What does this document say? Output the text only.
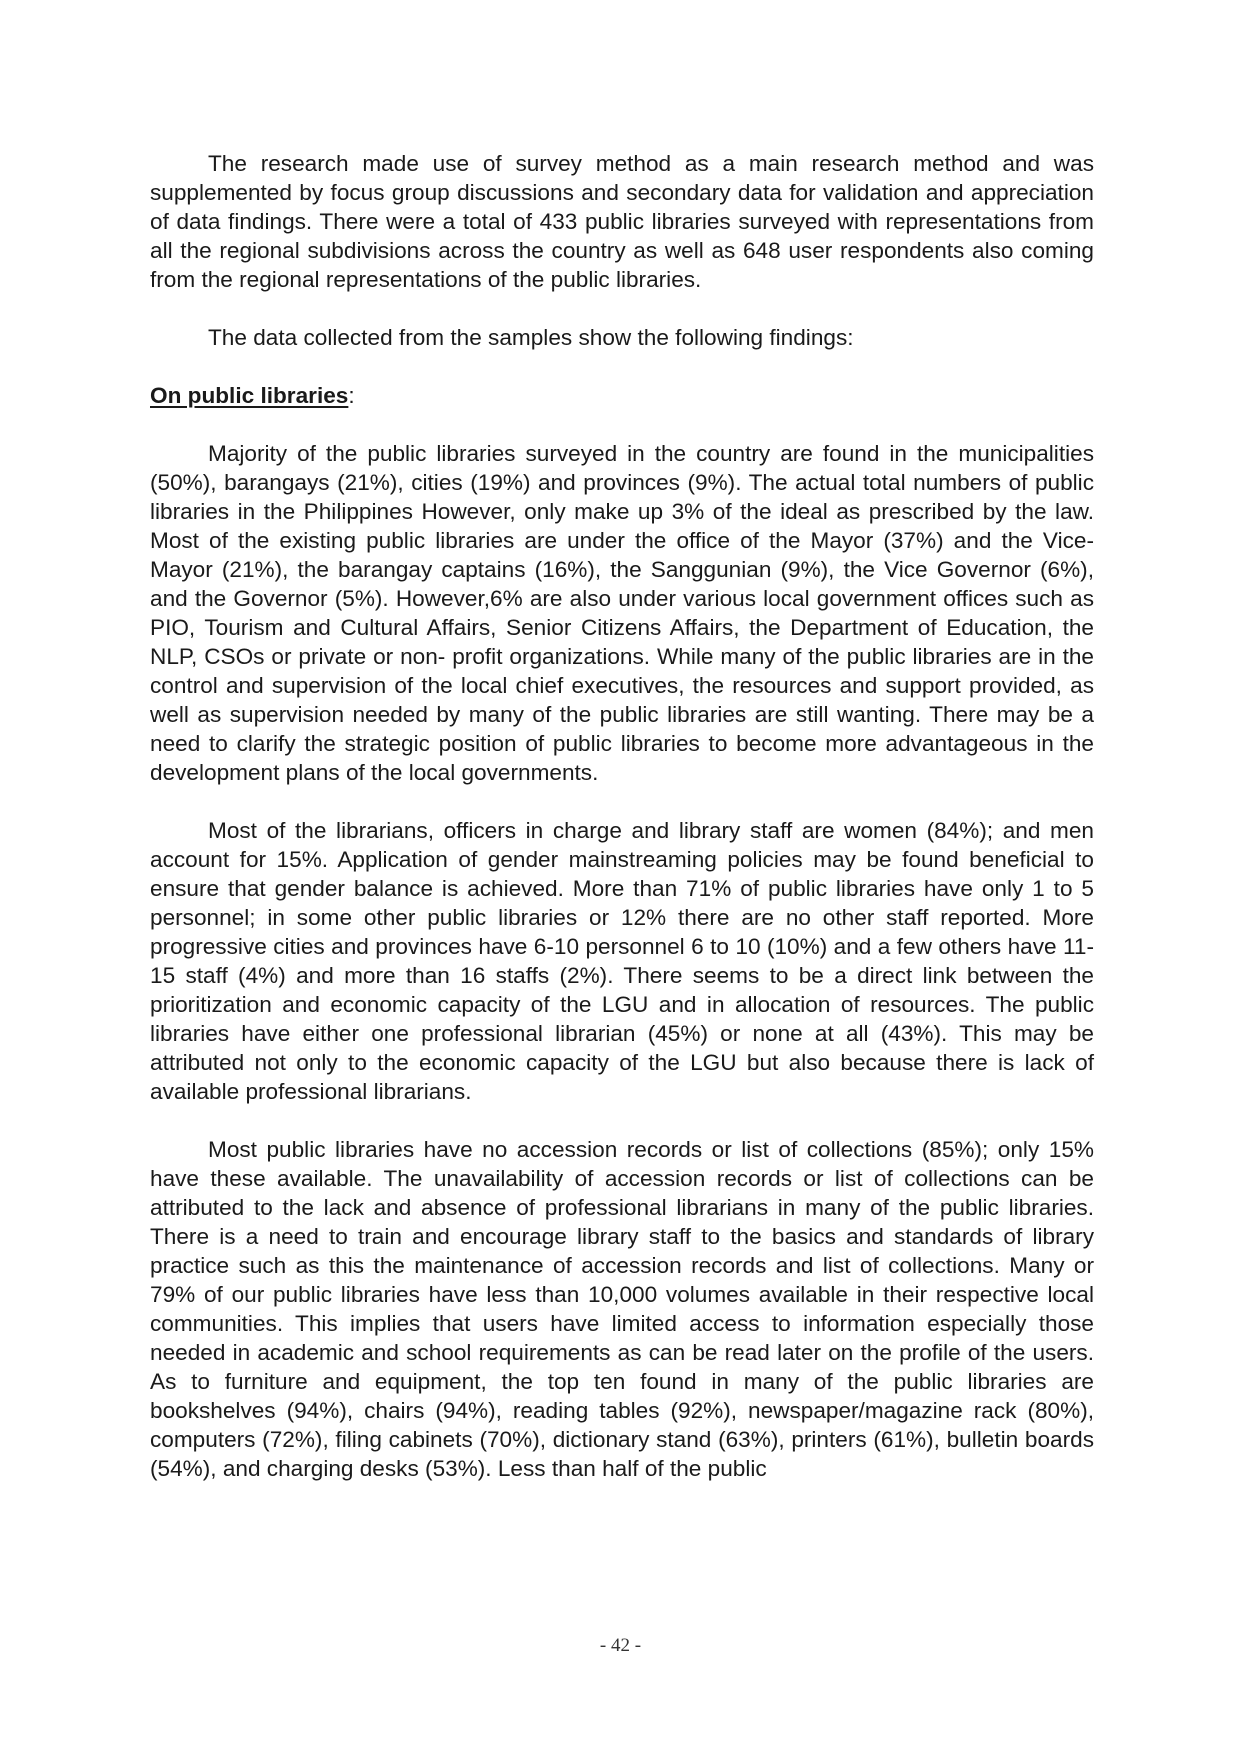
The research made use of survey method as a main research method and was supplemented by focus group discussions and secondary data for validation and appreciation of data findings. There were a total of 433 public libraries surveyed with representations from all the regional subdivisions across the country as well as 648 user respondents also coming from the regional representations of the public libraries.

The data collected from the samples show the following findings:

On public libraries:

Majority of the public libraries surveyed in the country are found in the municipalities (50%), barangays (21%), cities (19%) and provinces (9%). The actual total numbers of public libraries in the Philippines However, only make up 3% of the ideal as prescribed by the law. Most of the existing public libraries are under the office of the Mayor (37%) and the Vice-Mayor (21%), the barangay captains (16%), the Sanggunian (9%), the Vice Governor (6%), and the Governor (5%). However,6% are also under various local government offices such as PIO, Tourism and Cultural Affairs, Senior Citizens Affairs, the Department of Education, the NLP, CSOs or private or non- profit organizations. While many of the public libraries are in the control and supervision of the local chief executives, the resources and support provided, as well as supervision needed by many of the public libraries are still wanting. There may be a need to clarify the strategic position of public libraries to become more advantageous in the development plans of the local governments.

Most of the librarians, officers in charge and library staff are women (84%); and men account for 15%. Application of gender mainstreaming policies may be found beneficial to ensure that gender balance is achieved. More than 71% of public libraries have only 1 to 5 personnel; in some other public libraries or 12% there are no other staff reported. More progressive cities and provinces have 6-10 personnel 6 to 10 (10%) and a few others have 11-15 staff (4%) and more than 16 staffs (2%). There seems to be a direct link between the prioritization and economic capacity of the LGU and in allocation of resources. The public libraries have either one professional librarian (45%) or none at all (43%). This may be attributed not only to the economic capacity of the LGU but also because there is lack of available professional librarians.

Most public libraries have no accession records or list of collections (85%); only 15% have these available. The unavailability of accession records or list of collections can be attributed to the lack and absence of professional librarians in many of the public libraries. There is a need to train and encourage library staff to the basics and standards of library practice such as this the maintenance of accession records and list of collections. Many or 79% of our public libraries have less than 10,000 volumes available in their respective local communities. This implies that users have limited access to information especially those needed in academic and school requirements as can be read later on the profile of the users. As to furniture and equipment, the top ten found in many of the public libraries are bookshelves (94%), chairs (94%), reading tables (92%), newspaper/magazine rack (80%), computers (72%), filing cabinets (70%), dictionary stand (63%), printers (61%), bulletin boards (54%), and charging desks (53%). Less than half of the public

- 42 -
